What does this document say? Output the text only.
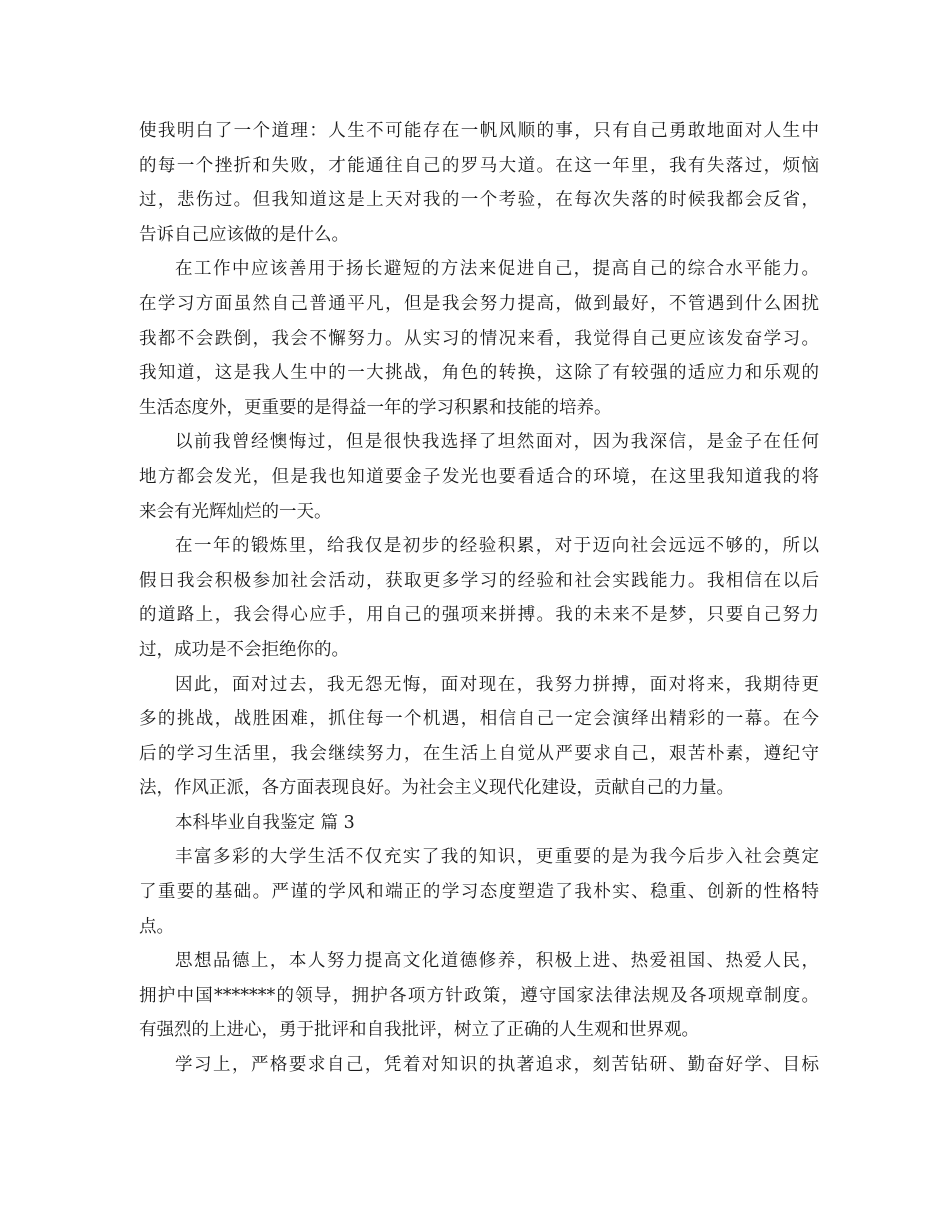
使我明白了一个道理：人生不可能存在一帆风顺的事，只有自己勇敢地面对人生中
的每一个挫折和失败，才能通往自己的罗马大道。在这一年里，我有失落过，烦恼
过，悲伤过。但我知道这是上天对我的一个考验，在每次失落的时候我都会反省，
告诉自己应该做的是什么。
在工作中应该善用于扬长避短的方法来促进自己，提高自己的综合水平能力。
在学习方面虽然自己普通平凡，但是我会努力提高，做到最好，不管遇到什么困扰
我都不会跌倒，我会不懈努力。从实习的情况来看，我觉得自己更应该发奋学习。
我知道，这是我人生中的一大挑战，角色的转换，这除了有较强的适应力和乐观的
生活态度外，更重要的是得益一年的学习积累和技能的培养。
以前我曾经懊悔过，但是很快我选择了坦然面对，因为我深信，是金子在任何
地方都会发光，但是我也知道要金子发光也要看适合的环境，在这里我知道我的将
来会有光辉灿烂的一天。
在一年的锻炼里，给我仅是初步的经验积累，对于迈向社会远远不够的，所以
假日我会积极参加社会活动，获取更多学习的经验和社会实践能力。我相信在以后
的道路上，我会得心应手，用自己的强项来拼搏。我的未来不是梦，只要自己努力
过，成功是不会拒绝你的。
因此，面对过去，我无怨无悔，面对现在，我努力拼搏，面对将来，我期待更
多的挑战，战胜困难，抓住每一个机遇，相信自己一定会演绎出精彩的一幕。在今
后的学习生活里，我会继续努力，在生活上自觉从严要求自己，艰苦朴素，遵纪守
法，作风正派，各方面表现良好。为社会主义现代化建设，贡献自己的力量。
本科毕业自我鉴定 篇 3
丰富多彩的大学生活不仅充实了我的知识，更重要的是为我今后步入社会奠定
了重要的基础。严谨的学风和端正的学习态度塑造了我朴实、稳重、创新的性格特
点。
思想品德上，本人努力提高文化道德修养，积极上进、热爱祖国、热爱人民，
拥护中国*******的领导，拥护各项方针政策，遵守国家法律法规及各项规章制度。
有强烈的上进心，勇于批评和自我批评，树立了正确的人生观和世界观。
学习上，严格要求自己，凭着对知识的执著追求，刻苦钻研、勤奋好学、目标
